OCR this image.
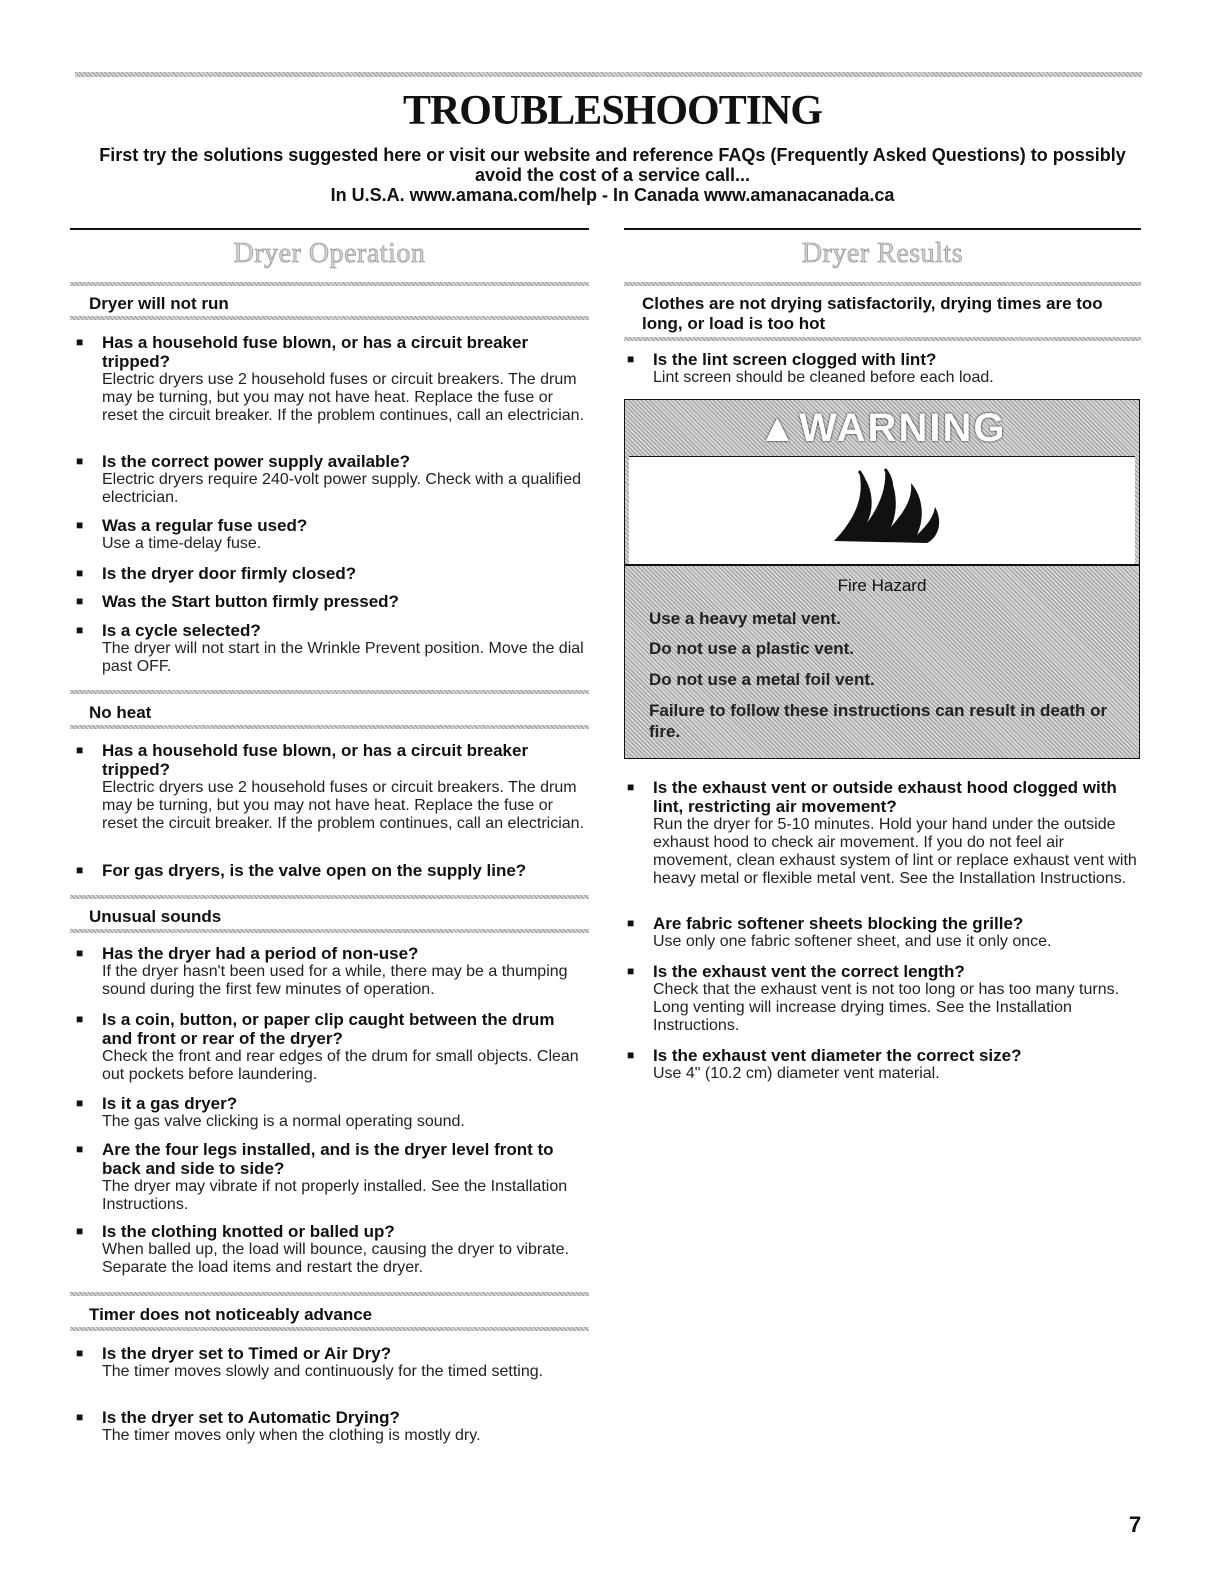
TROUBLESHOOTING
First try the solutions suggested here or visit our website and reference FAQs (Frequently Asked Questions) to possibly
avoid the cost of a service call...
In U.S.A. www.amana.com/help - In Canada www.amanacanada.ca
Dryer Operation
Dryer will not run
■ Has a household fuse blown, or has a circuit breaker tripped?
Electric dryers use 2 household fuses or circuit breakers. The drum may be turning, but you may not have heat. Replace the fuse or reset the circuit breaker. If the problem continues, call an electrician.
■ Is the correct power supply available?
Electric dryers require 240-volt power supply. Check with a qualified electrician.
■ Was a regular fuse used?
Use a time-delay fuse.
■ Is the dryer door firmly closed?
■ Was the Start button firmly pressed?
■ Is a cycle selected?
The dryer will not start in the Wrinkle Prevent position. Move the dial past OFF.
No heat
■ Has a household fuse blown, or has a circuit breaker tripped?
Electric dryers use 2 household fuses or circuit breakers. The drum may be turning, but you may not have heat. Replace the fuse or reset the circuit breaker. If the problem continues, call an electrician.
■ For gas dryers, is the valve open on the supply line?
Unusual sounds
■ Has the dryer had a period of non-use?
If the dryer hasn't been used for a while, there may be a thumping sound during the first few minutes of operation.
■ Is a coin, button, or paper clip caught between the drum and front or rear of the dryer?
Check the front and rear edges of the drum for small objects. Clean out pockets before laundering.
■ Is it a gas dryer?
The gas valve clicking is a normal operating sound.
■ Are the four legs installed, and is the dryer level front to back and side to side?
The dryer may vibrate if not properly installed. See the Installation Instructions.
■ Is the clothing knotted or balled up?
When balled up, the load will bounce, causing the dryer to vibrate. Separate the load items and restart the dryer.
Timer does not noticeably advance
■ Is the dryer set to Timed or Air Dry?
The timer moves slowly and continuously for the timed setting.
■ Is the dryer set to Automatic Drying?
The timer moves only when the clothing is mostly dry.
Dryer Results
Clothes are not drying satisfactorily, drying times are too long, or load is too hot
■ Is the lint screen clogged with lint?
Lint screen should be cleaned before each load.
▲WARNING
Fire Hazard
Use a heavy metal vent.
Do not use a plastic vent.
Do not use a metal foil vent.
Failure to follow these instructions can result in death or fire.
■ Is the exhaust vent or outside exhaust hood clogged with lint, restricting air movement?
Run the dryer for 5-10 minutes. Hold your hand under the outside exhaust hood to check air movement. If you do not feel air movement, clean exhaust system of lint or replace exhaust vent with heavy metal or flexible metal vent. See the Installation Instructions.
■ Are fabric softener sheets blocking the grille?
Use only one fabric softener sheet, and use it only once.
■ Is the exhaust vent the correct length?
Check that the exhaust vent is not too long or has too many turns. Long venting will increase drying times. See the Installation Instructions.
■ Is the exhaust vent diameter the correct size?
Use 4" (10.2 cm) diameter vent material.
7
